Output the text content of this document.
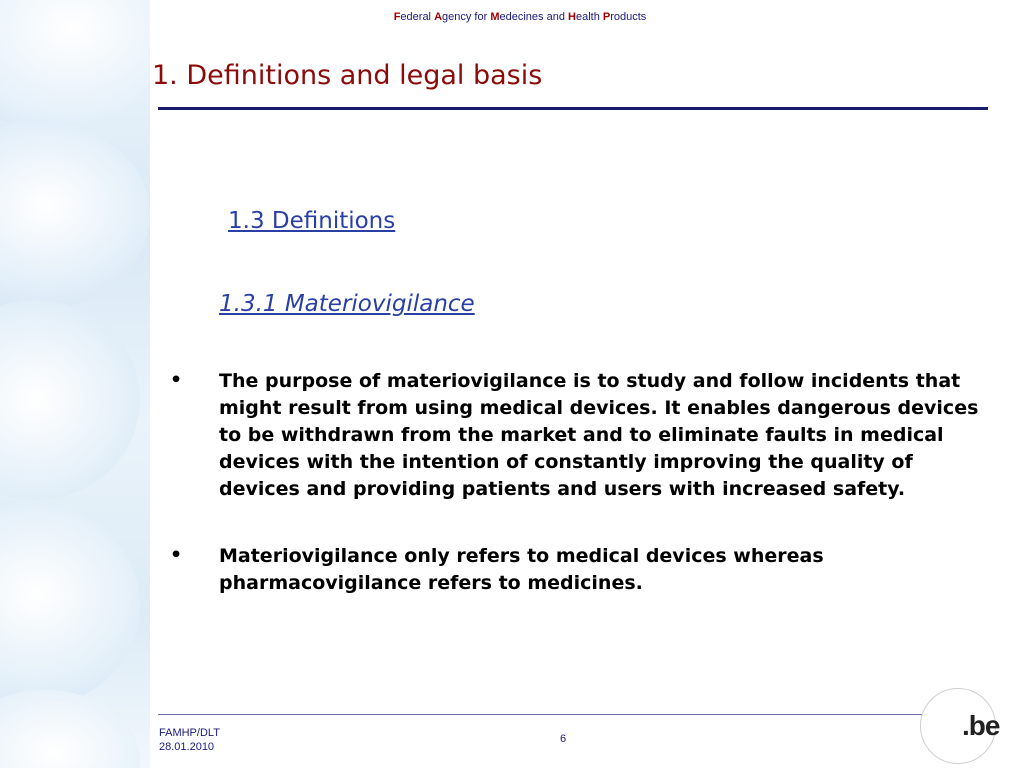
Federal Agency for Medecines and Health Products
1. Definitions and legal basis
1.3 Definitions
1.3.1 Materiovigilance
• The purpose of materiovigilance is to study and follow incidents that might result from using medical devices. It enables dangerous devices to be withdrawn from the market and to eliminate faults in medical devices with the intention of constantly improving the quality of devices and providing patients and users with increased safety.
• Materiovigilance only refers to medical devices whereas pharmacovigilance refers to medicines.
FAMHP/DLT
28.01.2010
6	.be
